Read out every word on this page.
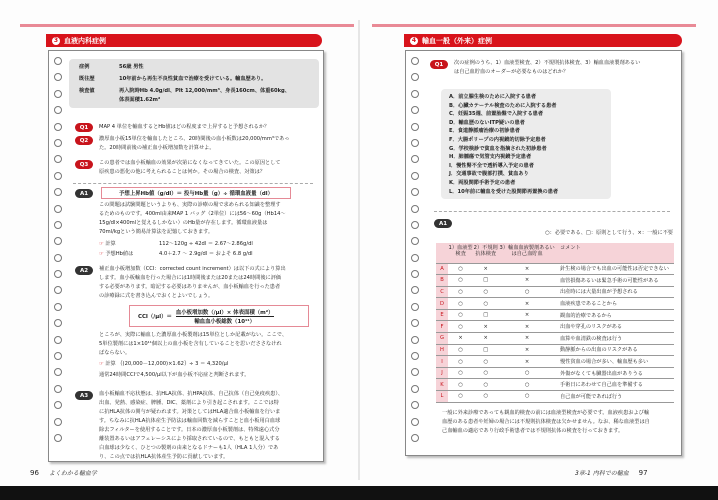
3 血液内科症例
症例	56歳 男性
既往歴	10年前から再生不良性貧血で治療を受けている。輸血歴あり。
検査値	再入院時Hb 4.0g/dl、Plt 12,000/mm³、身長160cm、体重60kg、
体表面積1.62m²
Q1	MAP 4 単位を輸血するとHb値はどの程度まで上昇すると予想されるか？
Q2	濃厚血小板15単位を輸血したところ、20時間後の血小板数は20,000/mm³であっ
た。20時間前後の補正血小板増加数を計算せよ。
Q3	この患者では血小板輸血の効果が次第になくなってきていた。この原因として
原疾患の悪化の他に考えられることは何か。その場合の検査、対策は？
A1	予想上昇Hb値（g/dl）＝ 投与Hb量（g）÷ 循環血液量（dl）
この問題は試験問題というよりも、実際の診療の場で求められる知識を整理す
るためのものです。400ml由来MAP 1 バッグ（2単位）には56～60g（Hb14～
15g/dl×400mlと覚えるしかない）のHb量が存在します。循環血液量は
70ml/kgという簡易計算法を記憶しておきます。
☞ 計算	112～120g ÷ 42dl ＝ 2.67～2.86g/dl
☞ 予想Hb値は	4.0＋2.7 ～ 2.9g/dl ＝ およそ 6.8 g/dl
A2	補正血小板増加数（CCI：corrected count increment）は以下の式により算出
します。血小板輸血を行った場合には1時間後または20または24時間後に評価
する必要があります。暗記する必要はありませんが、血小板輸血を行った患者
の診療録に式を書き込んでおくとよいでしょう。
CCI（/μl）＝
血小板増加数（/μl）× 体表面積（m²）
輸血血小板総数（10¹¹）
ところが、実際に輸血した濃厚血小板製剤は15単位としか記載がない。ここで、
5単位製剤には1×10¹¹個以上の血小板を含有していることを思いだささなけれ
ばならない。
☞ 計算 ｛(20,000－12,000)×1.62｝÷ 3 ＝ 4,320/μl
通常24時間CCIで4,500/μl以下が血小板不応症と判断されます。
A3	血小板輸血不応状態は、抗HLA抗体、抗HPA抗体、自己抗体（自己免疫疾患）、
出血、発熱、感染症、脾腫、DIC、薬剤により引き起こされます。ここでは特
に抗HLA抗体の関与が疑われます。対策としてはHLA適合血小板輸血を行いま
す。ちなみに抗HLA抗体産生予防法は輸血回数を減らすことと血小板用白血球
除去フィルターを使用することです。日本の濃厚血小板製剤は、特殊遠心式分
離装置あるいはアフェレーシスにより採取されているので、もともと混入する
白血球は少なく、ひとつの製剤の由来となるドナーも1人（HLA 1人分）であ
り、この点では抗HLA抗体産生予防に貢献しています。
96 よくわかる輸血学
4 輸血一般（外来）症例
Q1	次の症例のうち、1）血液型検査、2）不規則抗体検査、3）輸血血液製剤あるい
は自己血貯血のオーダーが必要なものはどれか？
A．前立腺生検のために入院する患者
B．心臓カテーテル検査のために入院する患者
C．妊娠35週、前置胎盤で入院する患者
D．輸血歴のないITP疑いの患者
E．食道静脈瘤治療の初診患者
F．大腸ポリープの内視鏡的切除予定患者
G．学校検診で貧血を指摘された初診患者
H．肺腫瘍で気管支内視鏡予定患者
I．慢性腎不全で透析導入予定の患者
J．交通事故で腹部打撲、貧血あり
K．両股関節手術予定の患者
L．10年前に輸血を受けた股関節再置換の患者
A1
○：必要である、□：原則として行う、×：一般に不要
	1）血液型
検査	2）不規則
抗体検査	3）輸血血液製剤あるい
は自己血貯血	コメント
A	○	×	×	針生検の場合でも出血の可能性は否定できない
B	○	□	×	血管損傷あるいは緊急手術の可能性がある
C	○	○	○	出産時には大量出血が予想される
D	○	○	×	血液疾患であることから
E	○	□	×	観血的治療であるから
F	○	×	×	出血や穿孔のリスクがある
G	×	×	×	血算や血清鉄の検査は行う
H	○	□	×	動静脈からの出血のリスクがある
I	○	○	×	慢性貧血の場合が多い、輸血歴も多い
J	○	○	○	外傷がなくても臓器出血がありうる
K	○	○	○	手術日にあわせて自己血を準備する
L	○	○	○	自己血が可能であれば行う
一般に外来診療であっても観血的検査の前には血液型検査が必要です。血液疾患および輸
血歴のある患者や妊婦の場合には不規則抗体検査は欠かせません。なお、稀な血液型は自
己血輸血の適応であり行政手術患者では不規則抗体の検査を行っておきます。
3章-1 内科での輸血 97
